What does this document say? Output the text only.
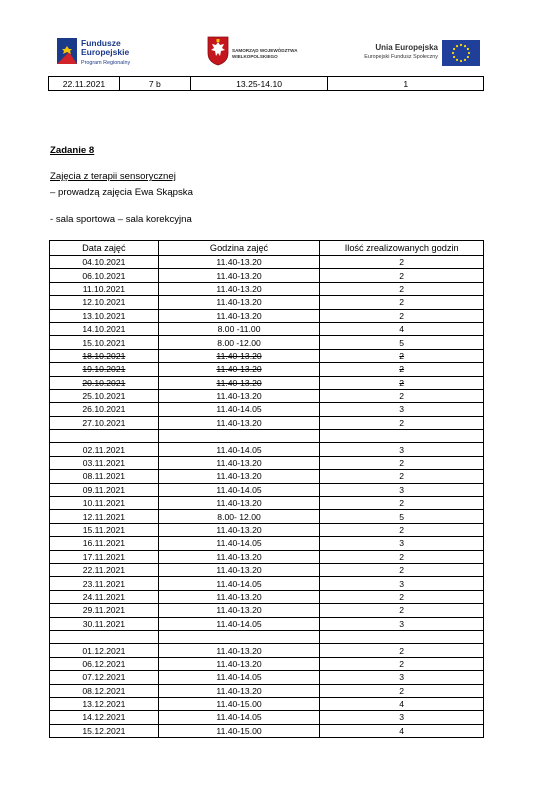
Fundusze
Europejskie
Program Regionalny
SAMORZĄD WOJEWÓDZTWA
WIELKOPOLSKIEGO
Unia Europejska
Europejski Fundusz Społeczny
22.11.2021	7 b	13.25-14.10	1
Zadanie 8
Zajęcia z terapii sensorycznej
– prowadzą zajęcia Ewa Skąpska
- sala sportowa – sala korekcyjna
Data zajęć	Godzina zajęć	Ilość zrealizowanych godzin
04.10.2021	11.40-13.20	2
06.10.2021	11.40-13.20	2
11.10.2021	11.40-13.20	2
12.10.2021	11.40-13.20	2
13.10.2021	11.40-13.20	2
14.10.2021	8.00 -11.00	4
15.10.2021	8.00 -12.00	5
18.10.2021	11.40-13.20	2
19.10.2021	11.40-13.20	2
20.10.2021	11.40-13.20	2
25.10.2021	11.40-13.20	2
26.10.2021	11.40-14.05	3
27.10.2021	11.40-13.20	2

02.11.2021	11.40-14.05	3
03.11.2021	11.40-13.20	2
08.11.2021	11.40-13.20	2
09.11.2021	11.40-14.05	3
10.11.2021	11.40-13.20	2
12.11.2021	8.00- 12.00	5
15.11.2021	11.40-13.20	2
16.11.2021	11.40-14.05	3
17.11.2021	11.40-13.20	2
22.11.2021	11.40-13.20	2
23.11.2021	11.40-14.05	3
24.11.2021	11.40-13.20	2
29.11.2021	11.40-13.20	2
30.11.2021	11.40-14.05	3

01.12.2021	11.40-13.20	2
06.12.2021	11.40-13.20	2
07.12.2021	11.40-14.05	3
08.12.2021	11.40-13.20	2
13.12.2021	11.40-15.00	4
14.12.2021	11.40-14.05	3
15.12.2021	11.40-15.00	4
